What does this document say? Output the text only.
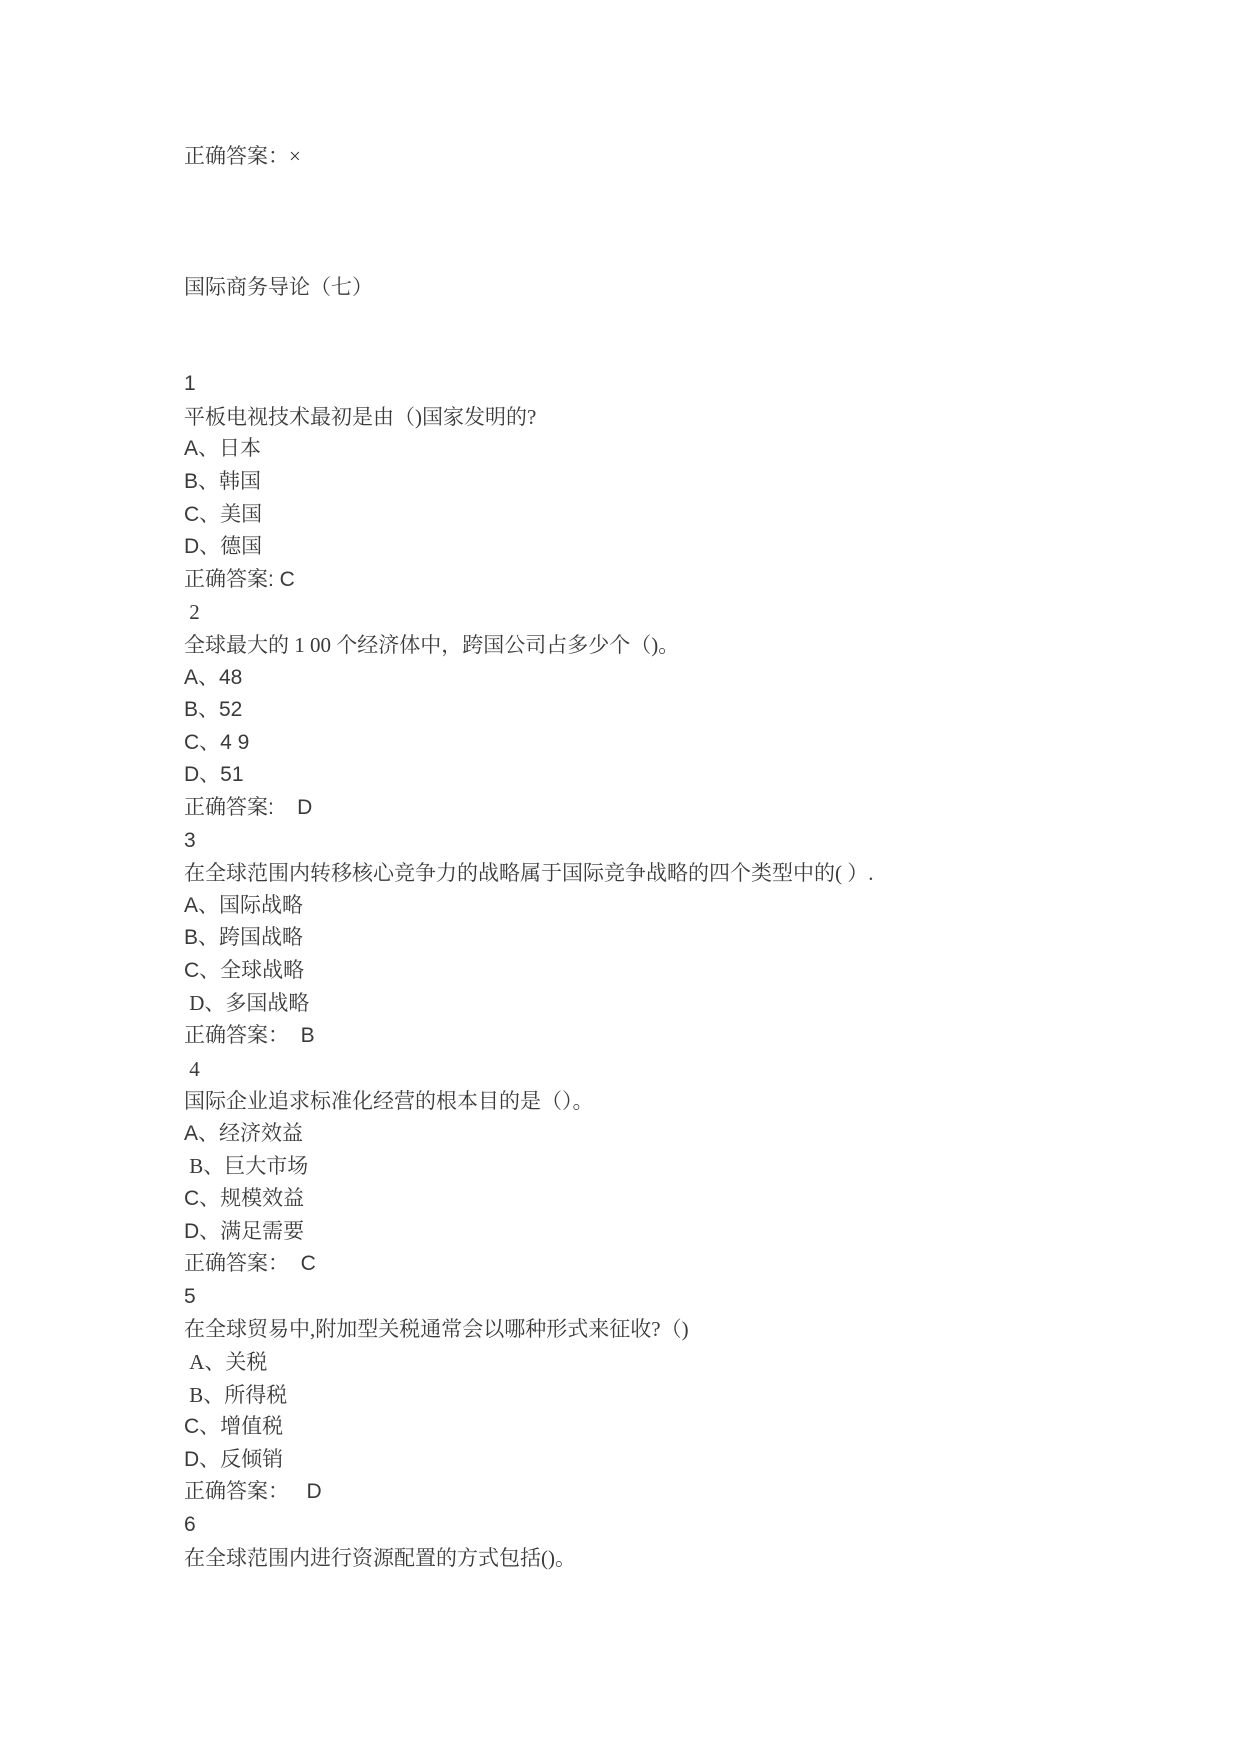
正确答案：×
国际商务导论（七）
1
平板电视技术最初是由（)国家发明的?
A、日本
B、韩国
C、美国
D、德国
正确答案: C
2
全球最大的 1 00 个经济体中，跨国公司占多少个（)。
A、48
B、52
C、4 9
D、51
正确答案:    D
3
在全球范围内转移核心竞争力的战略属于国际竞争战略的四个类型中的( ）.
A、国际战略
B、跨国战略
C、全球战略
D、多国战略
正确答案：  B
4
国际企业追求标准化经营的根本目的是（）。
A、经济效益
B、巨大市场
C、规模效益
D、满足需要
正确答案：  C
5
在全球贸易中,附加型关税通常会以哪种形式来征收?（)
A、关税
B、所得税
C、增值税
D、反倾销
正确答案：   D
6
在全球范围内进行资源配置的方式包括()。
